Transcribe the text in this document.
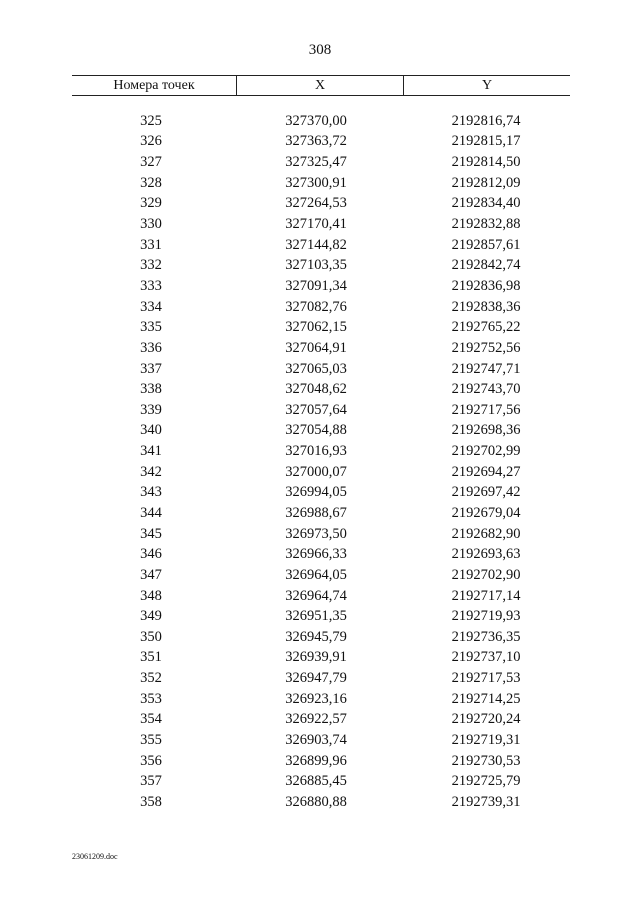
308
Номера точек	X	Y
325	327370,00	2192816,74
326	327363,72	2192815,17
327	327325,47	2192814,50
328	327300,91	2192812,09
329	327264,53	2192834,40
330	327170,41	2192832,88
331	327144,82	2192857,61
332	327103,35	2192842,74
333	327091,34	2192836,98
334	327082,76	2192838,36
335	327062,15	2192765,22
336	327064,91	2192752,56
337	327065,03	2192747,71
338	327048,62	2192743,70
339	327057,64	2192717,56
340	327054,88	2192698,36
341	327016,93	2192702,99
342	327000,07	2192694,27
343	326994,05	2192697,42
344	326988,67	2192679,04
345	326973,50	2192682,90
346	326966,33	2192693,63
347	326964,05	2192702,90
348	326964,74	2192717,14
349	326951,35	2192719,93
350	326945,79	2192736,35
351	326939,91	2192737,10
352	326947,79	2192717,53
353	326923,16	2192714,25
354	326922,57	2192720,24
355	326903,74	2192719,31
356	326899,96	2192730,53
357	326885,45	2192725,79
358	326880,88	2192739,31
23061209.doc
